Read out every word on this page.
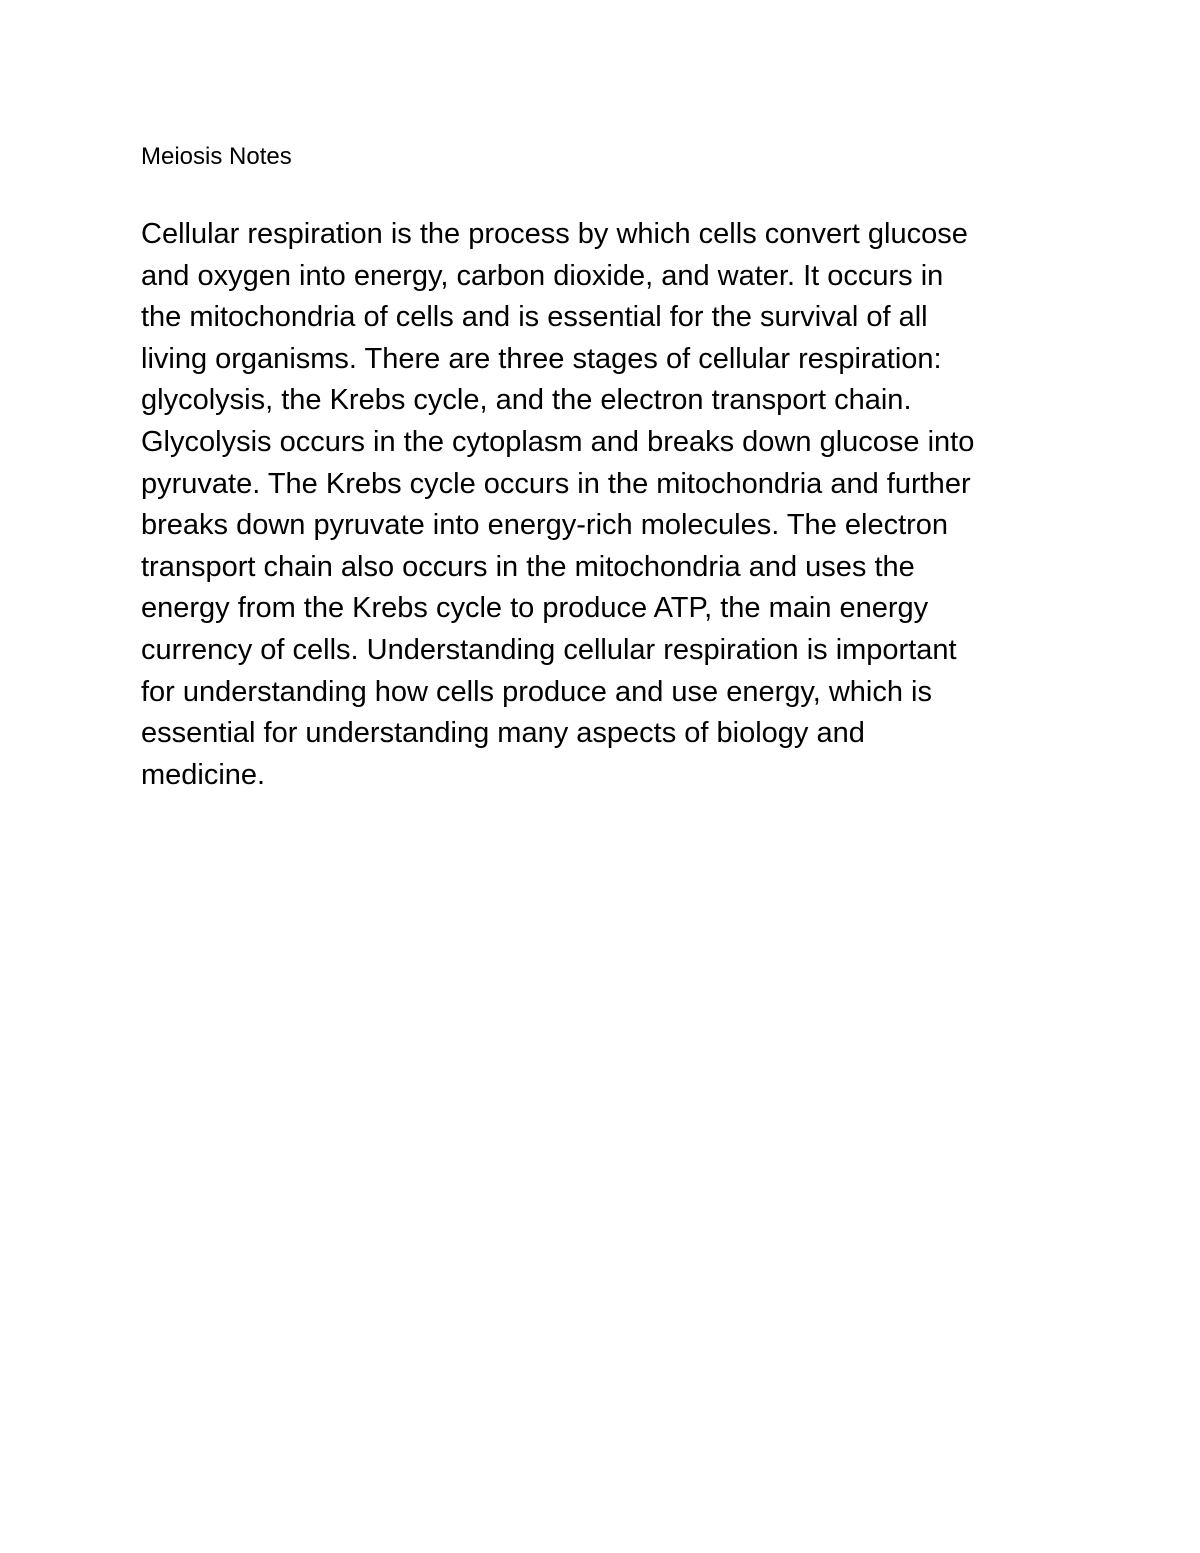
Meiosis Notes

Cellular respiration is the process by which cells convert glucose
and oxygen into energy, carbon dioxide, and water. It occurs in
the mitochondria of cells and is essential for the survival of all
living organisms. There are three stages of cellular respiration:
glycolysis, the Krebs cycle, and the electron transport chain.
Glycolysis occurs in the cytoplasm and breaks down glucose into
pyruvate. The Krebs cycle occurs in the mitochondria and further
breaks down pyruvate into energy-rich molecules. The electron
transport chain also occurs in the mitochondria and uses the
energy from the Krebs cycle to produce ATP, the main energy
currency of cells. Understanding cellular respiration is important
for understanding how cells produce and use energy, which is
essential for understanding many aspects of biology and
medicine.
